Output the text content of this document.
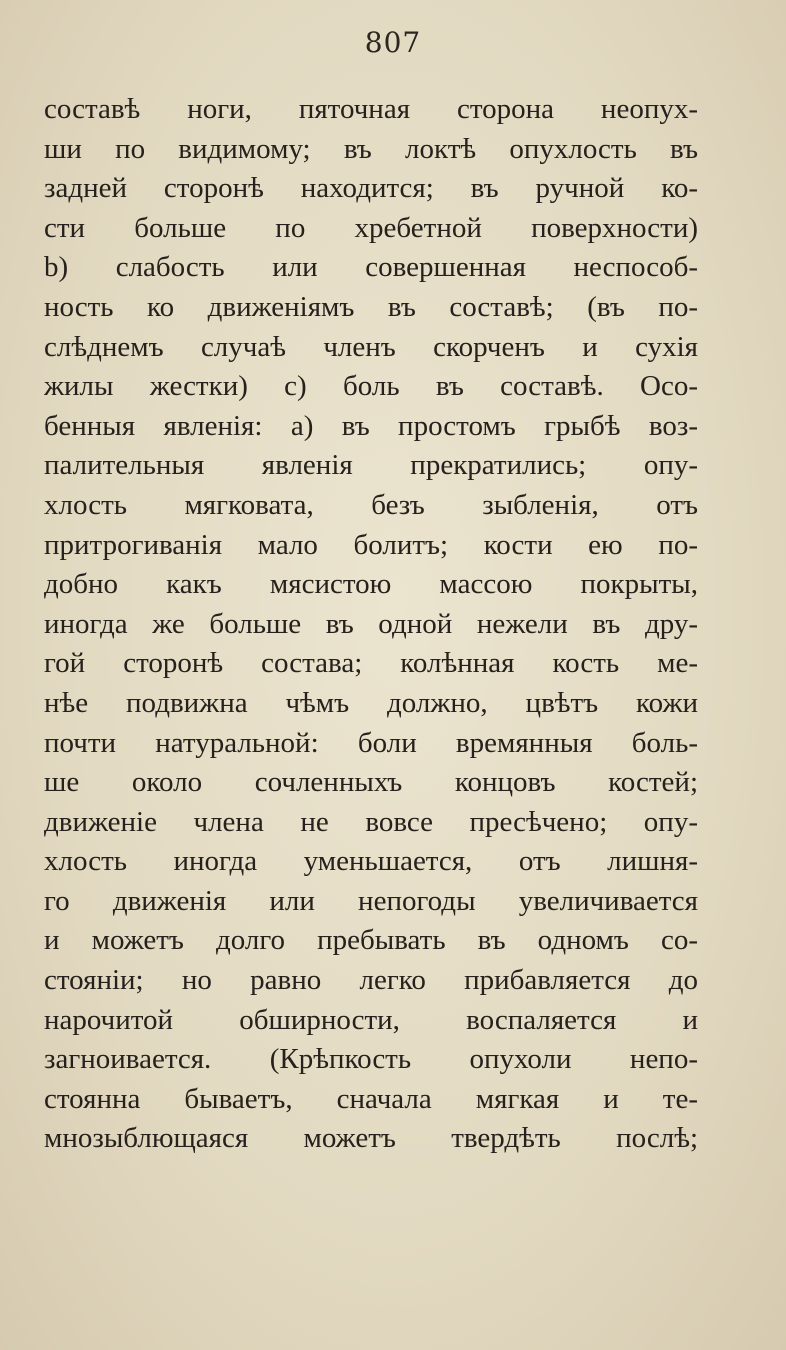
807
составѣ ноги, пяточная сторона неопух-
ши по видимому; въ локтѣ опухлость въ
задней сторонѣ находится; въ ручной ко-
сти больше по хребетной поверхности)
b) слабость или совершенная неспособ-
ность ко движеніямъ въ составѣ; (въ по-
слѣднемъ случаѣ членъ скорченъ и сухія
жилы жестки) с) боль въ составѣ. Осо-
бенныя явленія: а) въ простомъ грыбѣ воз-
палительныя явленія прекратились; опу-
хлость мягковата, безъ зыбленія, отъ
притрогиванія мало болитъ; кости ею по-
добно какъ мясистою массою покрыты,
иногда же больше въ одной нежели въ дру-
гой сторонѣ состава; колѣнная кость ме-
нѣе подвижна чѣмъ должно, цвѣтъ кожи
почти натуральной: боли времянныя боль-
ше около сочленныхъ концовъ костей;
движеніе члена не вовсе пресѣчено; опу-
хлость иногда уменьшается, отъ лишня-
го движенія или непогоды увеличивается
и можетъ долго пребывать въ одномъ со-
стояніи; но равно легко прибавляется до
нарочитой обширности, воспаляется и
загноивается. (Крѣпкость опухоли непо-
стоянна бываетъ, сначала мягкая и те-
мнозыблющаяся можетъ твердѣть послѣ;
